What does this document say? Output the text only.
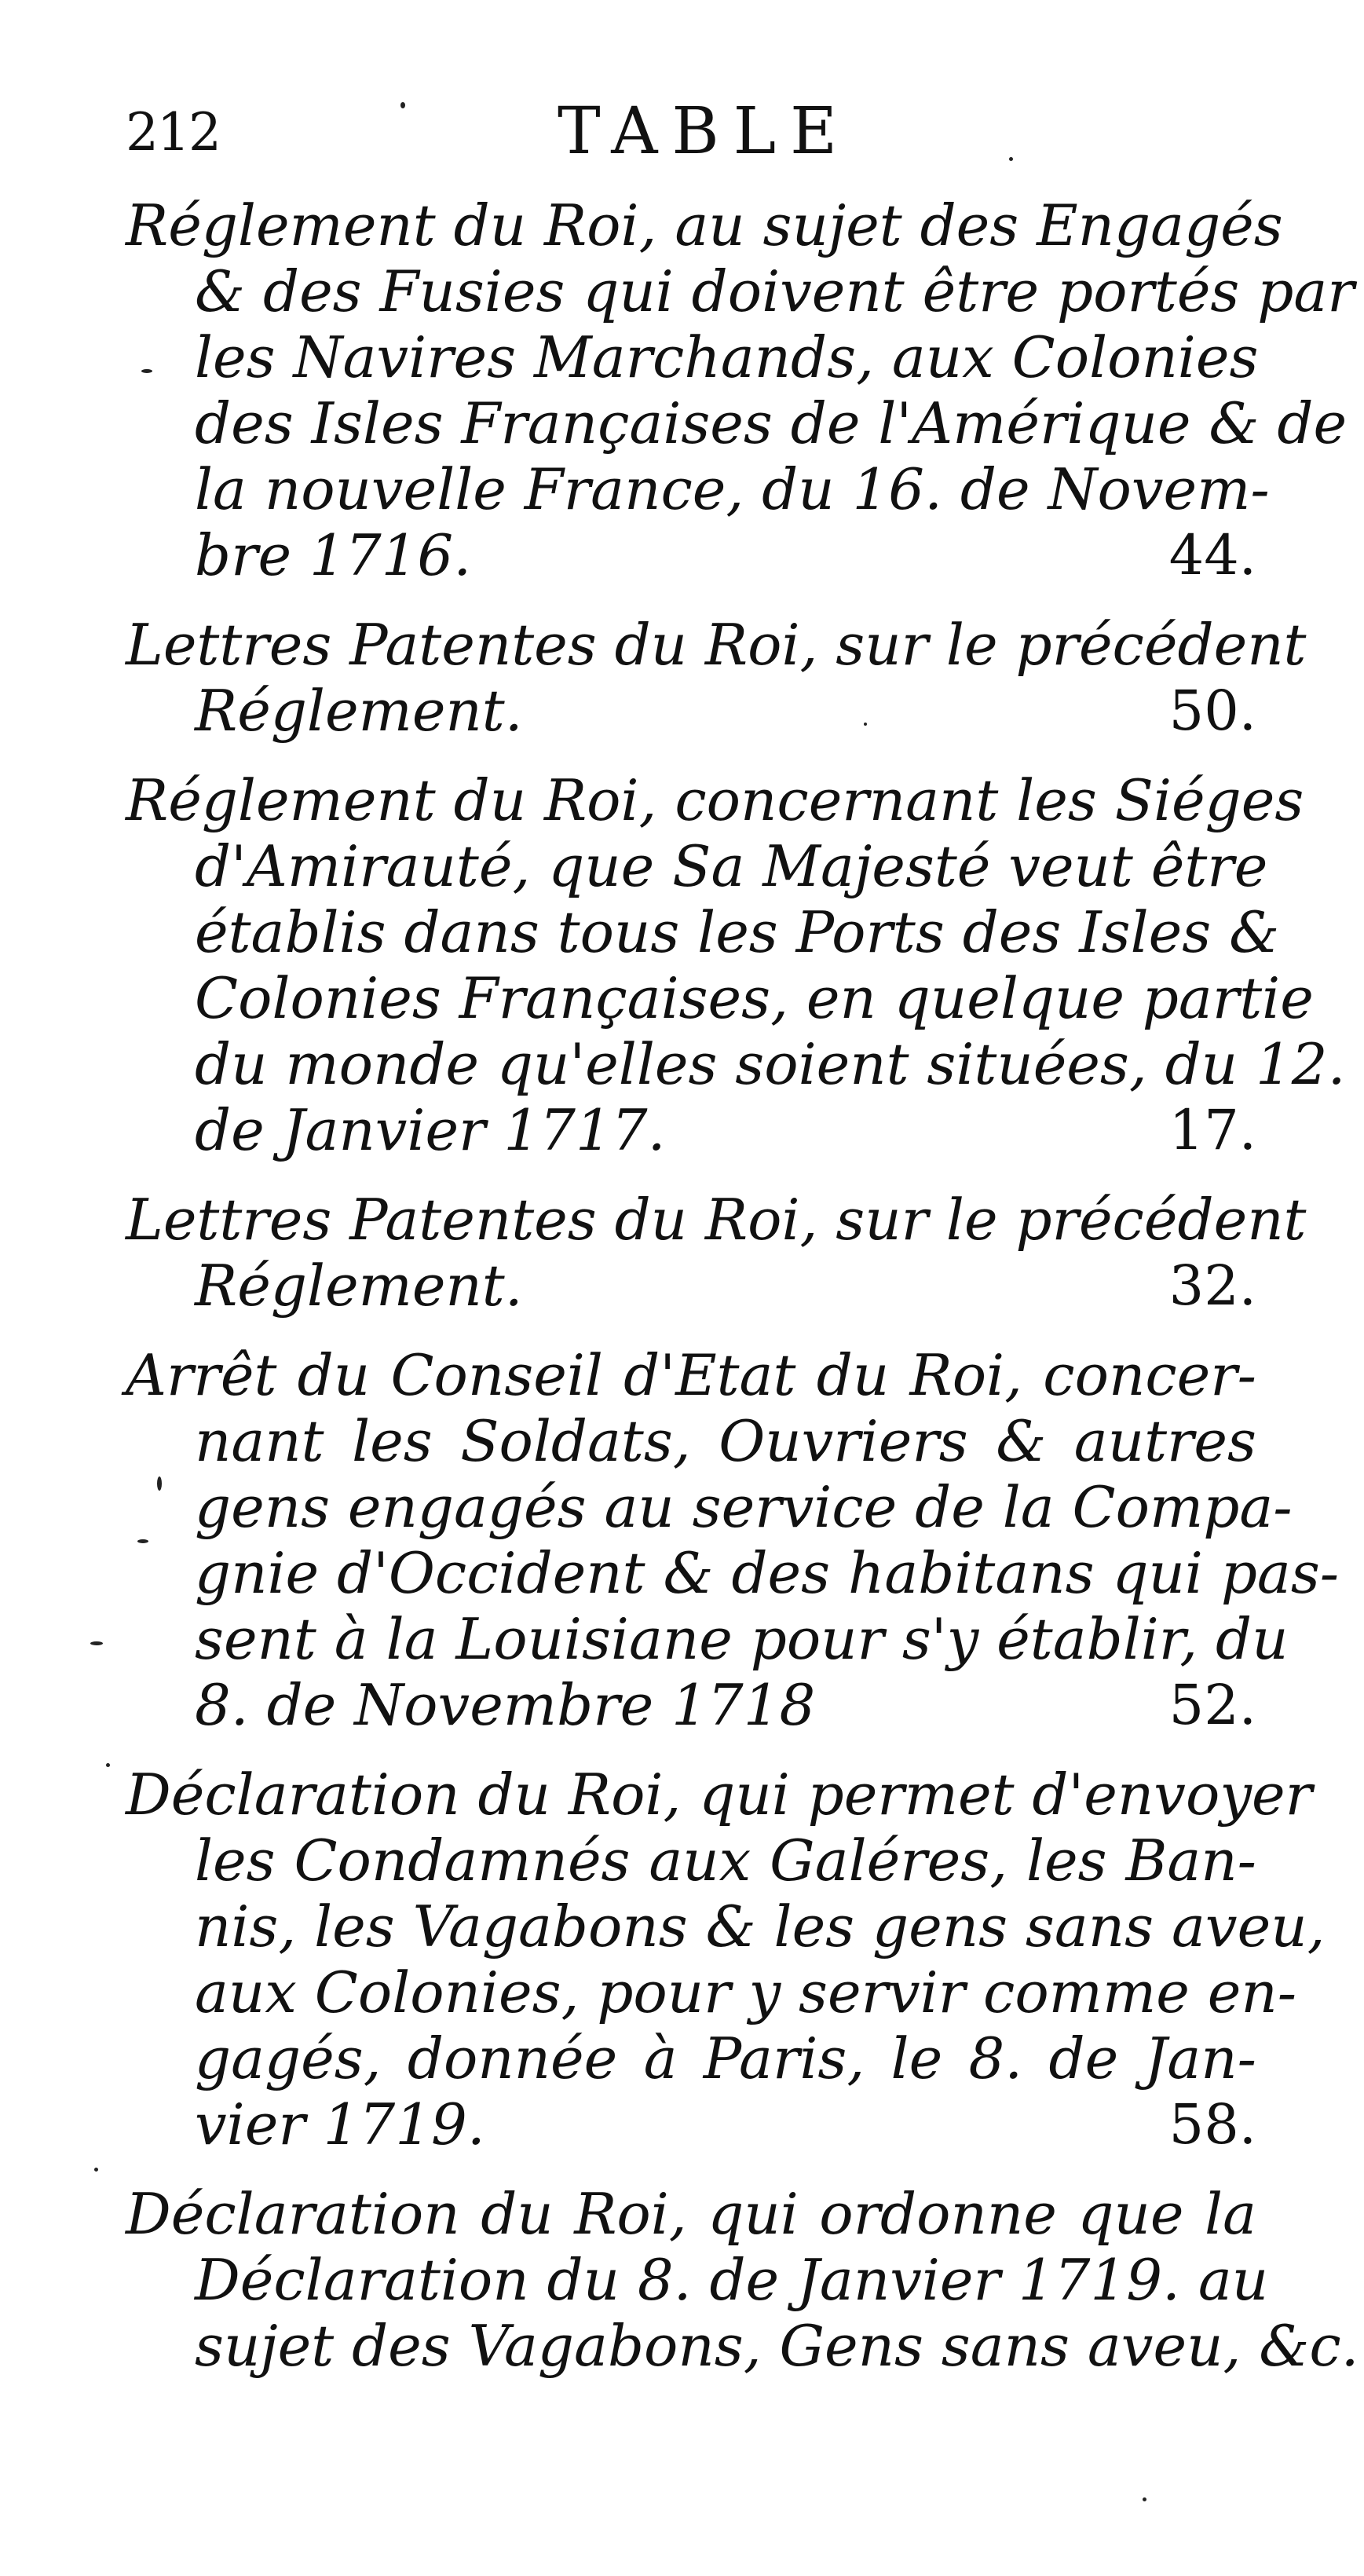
212	TABLE
Réglement du Roi, au sujet des Engagés
& des Fusies qui doivent être portés par
les Navires Marchands, aux Colonies
des Isles Françaises de l'Amérique & de
la nouvelle France, du 16. de Novem-
bre 1716.	44.
Lettres Patentes du Roi, sur le précédent
Réglement.	50.
Réglement du Roi, concernant les Siéges
d'Amirauté, que Sa Majesté veut être
établis dans tous les Ports des Isles &
Colonies Françaises, en quelque partie
du monde qu'elles soient situées, du 12.
de Janvier 1717.	17.
Lettres Patentes du Roi, sur le précédent
Réglement.	32.
Arrêt du Conseil d'Etat du Roi, concer-
nant les Soldats, Ouvriers & autres
gens engagés au service de la Compa-
gnie d'Occident & des habitans qui pas-
sent à la Louisiane pour s'y établir, du
8. de Novembre 1718	52.
Déclaration du Roi, qui permet d'envoyer
les Condamnés aux Galéres, les Ban-
nis, les Vagabons & les gens sans aveu,
aux Colonies, pour y servir comme en-
gagés, donnée à Paris, le 8. de Jan-
vier 1719.	58.
Déclaration du Roi, qui ordonne que la
Déclaration du 8. de Janvier 1719. au
sujet des Vagabons, Gens sans aveu, &c.
